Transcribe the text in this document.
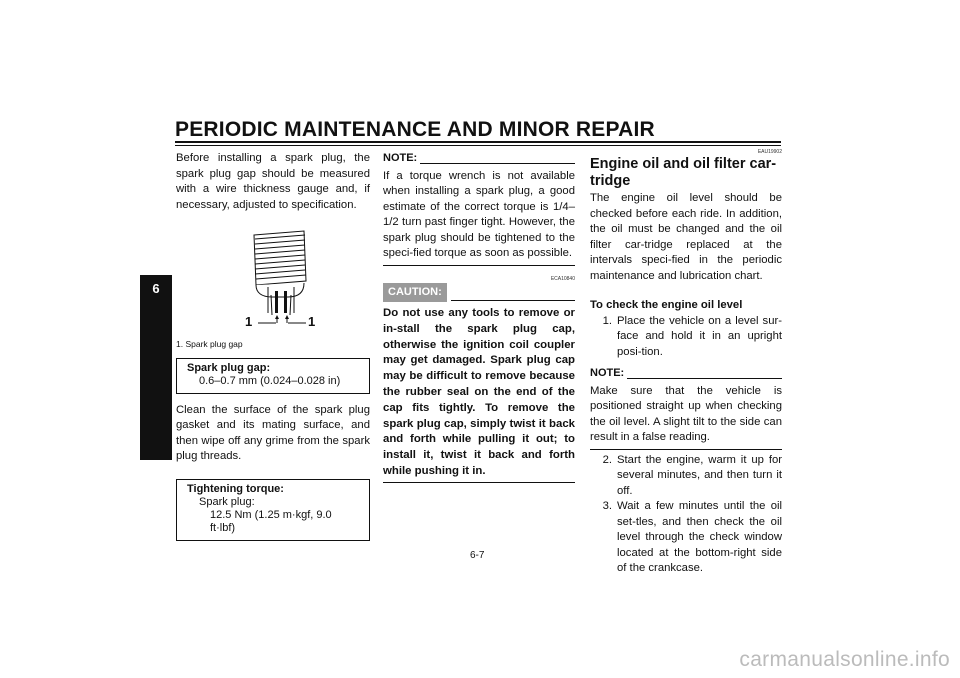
PERIODIC MAINTENANCE AND MINOR REPAIR
6

Before installing a spark plug, the spark plug gap should be measured with a wire thickness gauge and, if necessary, adjusted to specification.

1	1
1. Spark plug gap
Spark plug gap:
0.6–0.7 mm (0.024–0.028 in)

Clean the surface of the spark plug gasket and its mating surface, and then wipe off any grime from the spark plug threads.

Tightening torque:
Spark plug:
12.5 Nm (1.25 m·kgf, 9.0 ft·lbf)
NOTE:

If a torque wrench is not available when installing a spark plug, a good estimate of the correct torque is 1/4–1/2 turn past finger tight. However, the spark plug should be tightened to the speci-fied torque as soon as possible.

ECA10840
CAUTION:
Do not use any tools to remove or in-stall the spark plug cap, otherwise the ignition coil coupler may get damaged. Spark plug cap may be difficult to remove because the rubber seal on the end of the cap fits tightly. To remove the spark plug cap, simply twist it back and forth while pulling it out; to install it, twist it back and forth while pushing it in.
EAU19902
Engine oil and oil filter car-tridge

The engine oil level should be checked before each ride. In addition, the oil must be changed and the oil filter car-tridge replaced at the intervals speci-fied in the periodic maintenance and lubrication chart.

To check the engine oil level
1. Place the vehicle on a level sur-face and hold it in an upright posi-tion.
NOTE:

Make sure that the vehicle is positioned straight up when checking the oil level. A slight tilt to the side can result in a false reading.

2. Start the engine, warm it up for several minutes, and then turn it off.
3. Wait a few minutes until the oil set-tles, and then check the oil level through the check window located at the bottom-right side of the crankcase.
6-7
carmanualsonline.info
